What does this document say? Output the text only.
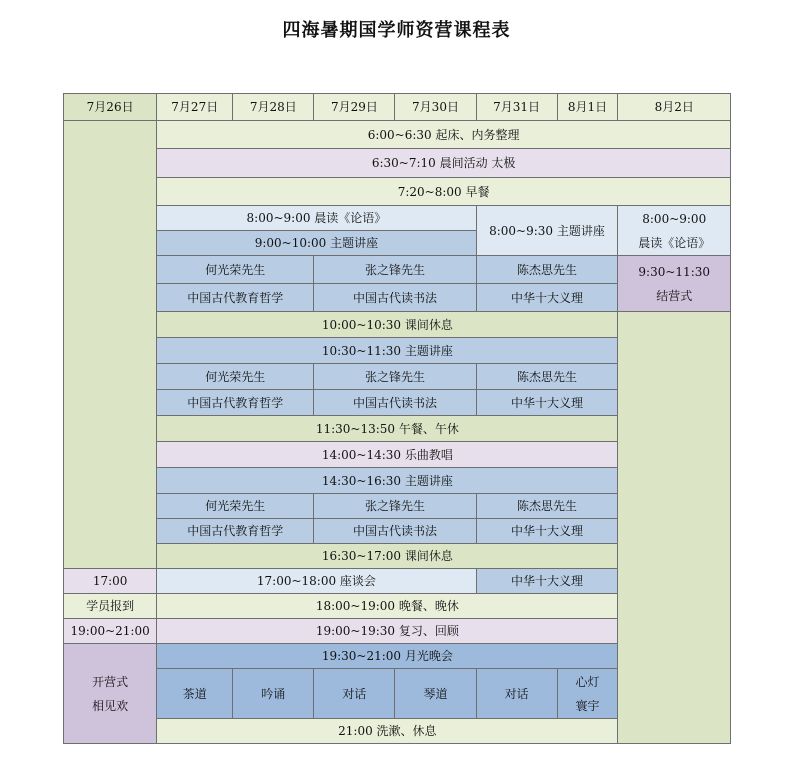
四海暑期国学师资营课程表
7月26日	7月27日	7月28日	7月29日	7月30日	7月31日	8月1日	8月2日
	6:00~6:30 起床、内务整理						
	6:30~7:10 晨间活动 太极						
	7:20~8:00 早餐						
	8:00~9:00 晨读《论语》				8:00~9:30 主题讲座		8:00~9:00
晨读《论语》

	9:00~10:00 主题讲座						
	何光荣先生		张之锋先生		陈杰思先生		9:30~11:30
结营式

	中国古代教育哲学		中国古代读书法		中华十大义理		
	10:00~10:30 课间休息						
	10:30~11:30 主题讲座						
	何光荣先生		张之锋先生		陈杰思先生		
	中国古代教育哲学		中国古代读书法		中华十大义理		
	11:30~13:50 午餐、午休						
	14:00~14:30 乐曲教唱						
	14:30~16:30 主题讲座						
	何光荣先生		张之锋先生		陈杰思先生		
	中国古代教育哲学		中国古代读书法		中华十大义理		
	16:30~17:00 课间休息						
17:00	17:00~18:00 座谈会				中华十大义理		
学员报到	18:00~19:00 晚餐、晚休						
19:00~21:00	19:00~19:30 复习、回顾						

开营式
相见欢	19:30~21:00 月光晚会						
	茶道	吟诵	对话	琴道	对话	心灯
寰宇	

	21:00 洗漱、休息						
